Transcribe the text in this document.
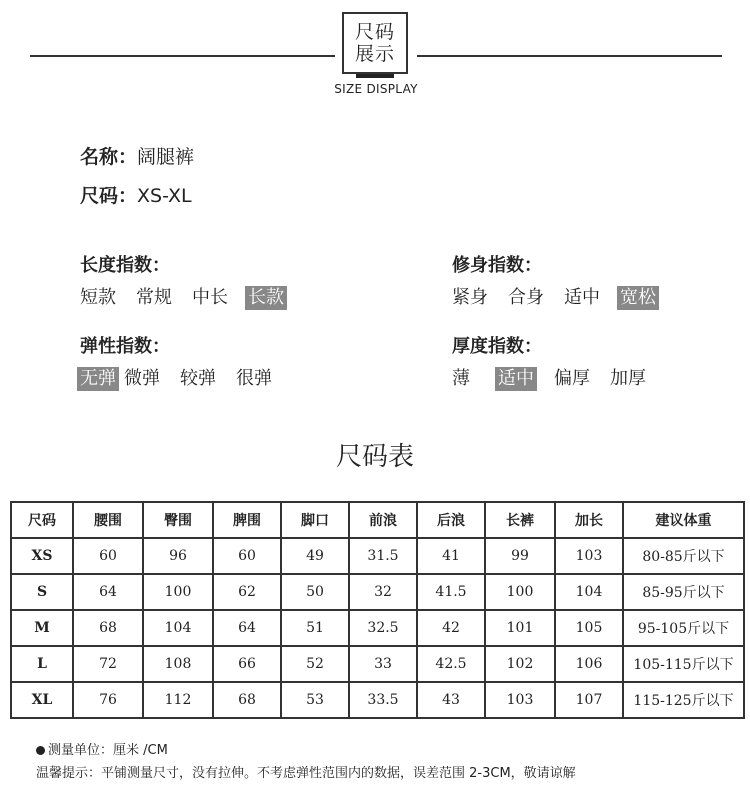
尺码
展示
SIZE DISPLAY
名称：阔腿裤
尺码：XS-XL
长度指数：
短款 常规 中长 长款
修身指数：
紧身 合身 适中 宽松
弹性指数：
无弹 微弹 较弹 很弹
厚度指数：
薄 适中 偏厚 加厚
尺码表
尺码	腰围	臀围	脾围	脚口	前浪	后浪	长裤	加长	建议体重
XS	60	96	60	49	31.5	41	99	103	80-85斤以下
S	64	100	62	50	32	41.5	100	104	85-95斤以下
M	68	104	64	51	32.5	42	101	105	95-105斤以下
L	72	108	66	52	33	42.5	102	106	105-115斤以下
XL	76	112	68	53	33.5	43	103	107	115-125斤以下
测量单位：厘米 /CM
温馨提示：平铺测量尺寸，没有拉伸。不考虑弹性范围内的数据，误差范围 2-3CM，敬请谅解
